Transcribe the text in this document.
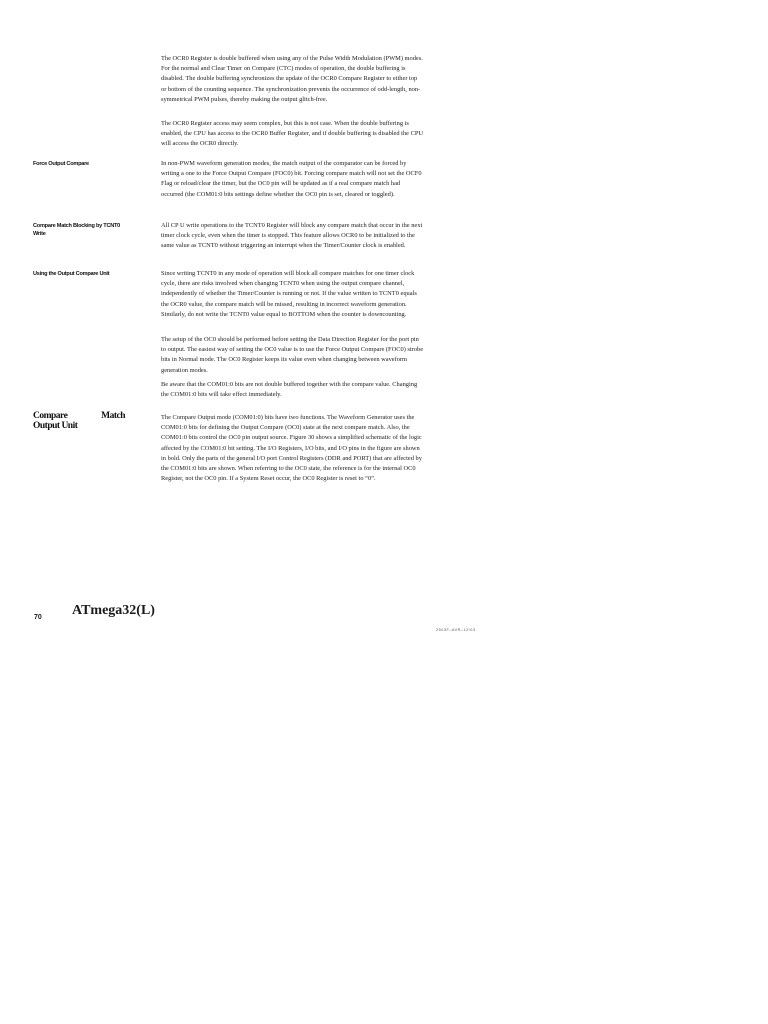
The OCR0 Register is double buffered when using any of the Pulse Width Modulation (PWM) modes. For the normal and Clear Timer on Compare (CTC) modes of operation, the double buffering is disabled. The double buffering synchronizes the update of the OCR0 Compare Register to either top or bottom of the counting sequence. The synchronization prevents the occurrence of odd-length, non-symmetrical PWM pulses, thereby making the output glitch-free.

The OCR0 Register access may seem complex, but this is not case. When the double buffering is enabled, the CPU has access to the OCR0 Buffer Register, and if double buffering is disabled the CPU will access the OCR0 directly.

Force Output Compare	In non-PWM waveform generation modes, the match output of the comparator can be forced by writing a one to the Force Output Compare (FOC0) bit. Forcing compare match will not set the OCF0 Flag or reload/clear the timer, but the OC0 pin will be updated as if a real compare match had occurred (the COM01:0 bits settings define whether the OC0 pin is set, cleared or toggled).

Compare Match Blocking by TCNT0 Write

All CP U write operations to the TCNT0 Register will block any compare match that occur in the next timer clock cycle, even when the timer is stopped. This feature allows OCR0 to be initialized to the same value as TCNT0 without triggering an interrupt when the Timer/Counter clock is enabled.

Using the Output Compare Unit	Since writing TCNT0 in any mode of operation will block all compare matches for one timer clock cycle, there are risks involved when changing TCNT0 when using the output compare channel, independently of whether the Timer/Counter is running or not. If the value written to TCNT0 equals the OCR0 value, the compare match will be missed, resulting in incorrect waveform generation. Similarly, do not write the TCNT0 value equal to BOTTOM when the counter is downcounting.

The setup of the OC0 should be performed before setting the Data Direction Register for the port pin to output. The easiest way of setting the OC0 value is to use the Force Output Compare (FOC0) strobe bits in Normal mode. The OC0 Register keeps its value even when changing between waveform generation modes.

Be aware that the COM01:0 bits are not double buffered together with the compare value. Changing the COM01:0 bits will take effect immediately.

Compare	Match
Output Unit

The Compare Output mode (COM01:0) bits have two functions. The Waveform Generator uses the COM01:0 bits for defining the Output Compare (OC0) state at the next compare match. Also, the COM01:0 bits control the OC0 pin output source. Figure 30 shows a simplified schematic of the logic affected by the COM01:0 bit setting. The I/O Registers, I/O bits, and I/O pins in the figure are shown in bold. Only the parts of the general I/O port Control Registers (DDR and PORT) that are affected by the COM01:0 bits are shown. When referring to the OC0 state, the reference is for the internal OC0 Register, not the OC0 pin. If a System Reset occur, the OC0 Register is reset to “0”.

70 ATmega32(L)
2503F–AVR–12/03
